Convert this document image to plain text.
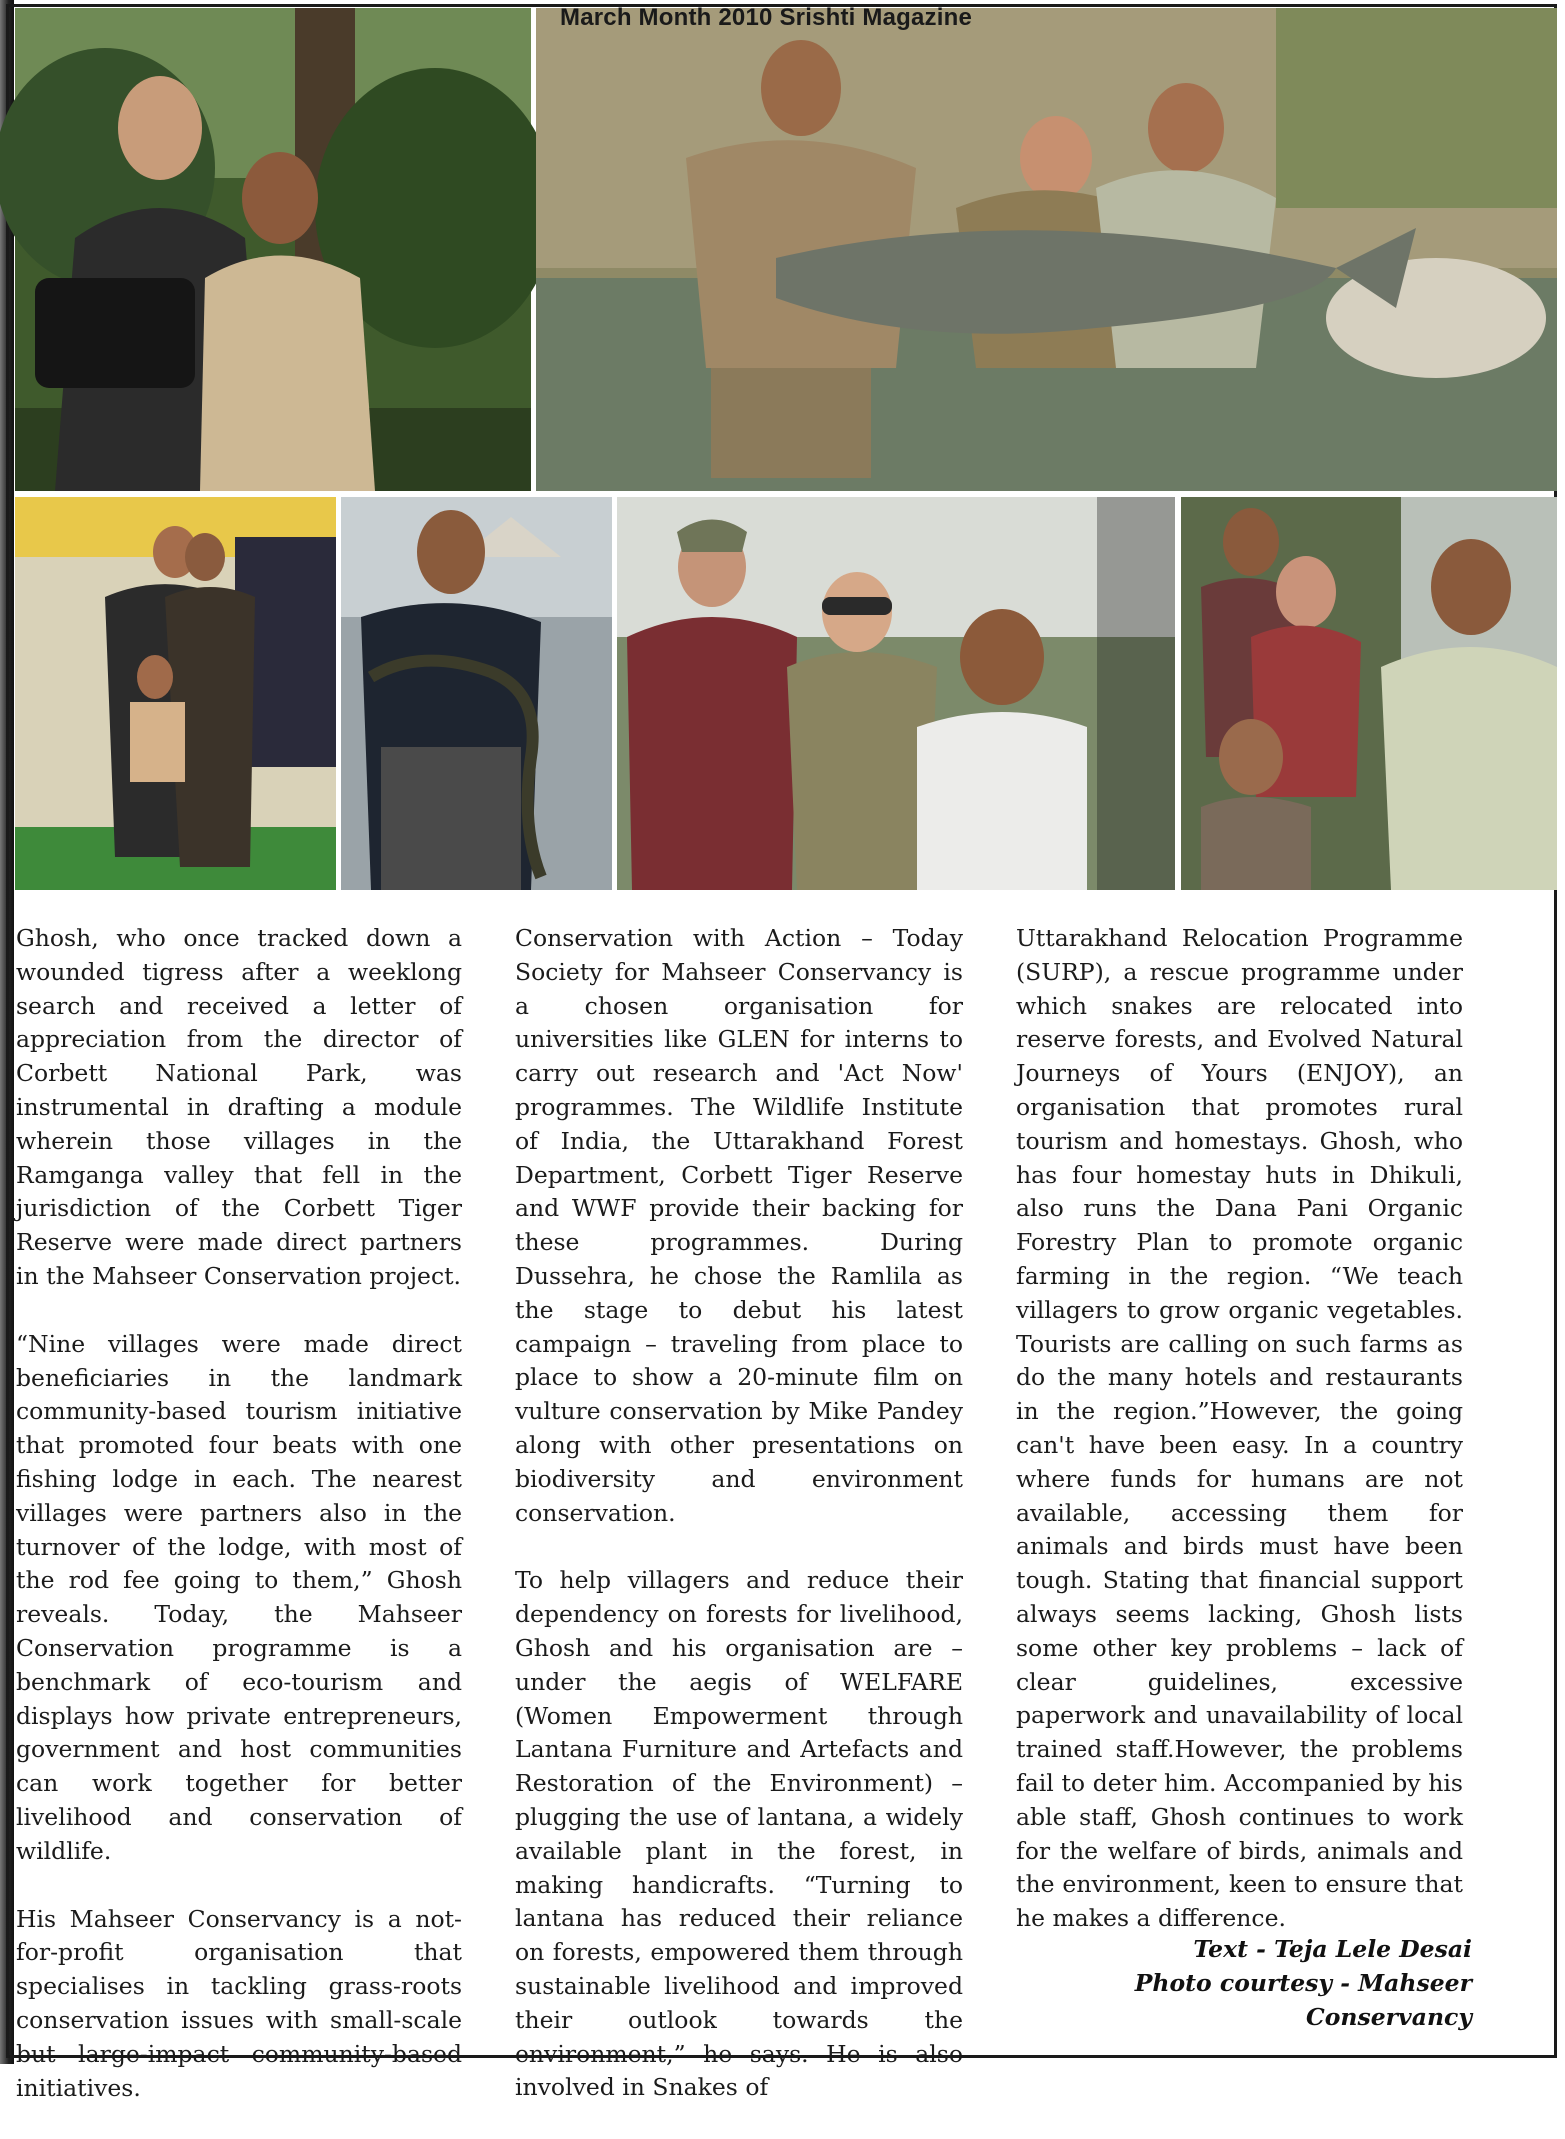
March Month 2010 Srishti Magazine

Ghosh, who once tracked down a wounded tigress after a weeklong search and received a letter of appreciation from the director of Corbett National Park, was instrumental in drafting a module wherein those villages in the Ramganga valley that fell in the jurisdiction of the Corbett Tiger Reserve were made direct partners in the Mahseer Conservation project.

“Nine villages were made direct beneficiaries in the landmark community-based tourism initiative that promoted four beats with one fishing lodge in each. The nearest villages were partners also in the turnover of the lodge, with most of the rod fee going to them,” Ghosh reveals. Today, the Mahseer Conservation programme is a benchmark of eco-tourism and displays how private entrepreneurs, government and host communities can work together for better livelihood and conservation of wildlife.

His Mahseer Conservancy is a not-for-profit organisation that specialises in tackling grass-roots conservation issues with small-scale but large-impact community-based initiatives.

Conservation with Action – Today Society for Mahseer Conservancy is a chosen organisation for universities like GLEN for interns to carry out research and 'Act Now' programmes. The Wildlife Institute of India, the Uttarakhand Forest Department, Corbett Tiger Reserve and WWF provide their backing for these programmes. During Dussehra, he chose the Ramlila as the stage to debut his latest campaign – traveling from place to place to show a 20-minute film on vulture conservation by Mike Pandey along with other presentations on biodiversity and environment conservation.

To help villagers and reduce their dependency on forests for livelihood, Ghosh and his organisation are – under the aegis of WELFARE (Women Empowerment through Lantana Furniture and Artefacts and Restoration of the Environment) – plugging the use of lantana, a widely available plant in the forest, in making handicrafts. “Turning to lantana has reduced their reliance on forests, empowered them through sustainable livelihood and improved their outlook towards the environment,” he says. He is also involved in Snakes of

Uttarakhand Relocation Programme (SURP), a rescue programme under which snakes are relocated into reserve forests, and Evolved Natural Journeys of Yours (ENJOY), an organisation that promotes rural tourism and homestays. Ghosh, who has four homestay huts in Dhikuli, also runs the Dana Pani Organic Forestry Plan to promote organic farming in the region. “We teach villagers to grow organic vegetables. Tourists are calling on such farms as do the many hotels and restaurants in the region.”However, the going can't have been easy. In a country where funds for humans are not available, accessing them for animals and birds must have been tough. Stating that financial support always seems lacking, Ghosh lists some other key problems – lack of clear guidelines, excessive paperwork and unavailability of local trained staff.However, the problems fail to deter him. Accompanied by his able staff, Ghosh continues to work for the welfare of birds, animals and the environment, keen to ensure that he makes a difference.

Text - Teja Lele Desai
Photo courtesy - Mahseer
Conservancy
